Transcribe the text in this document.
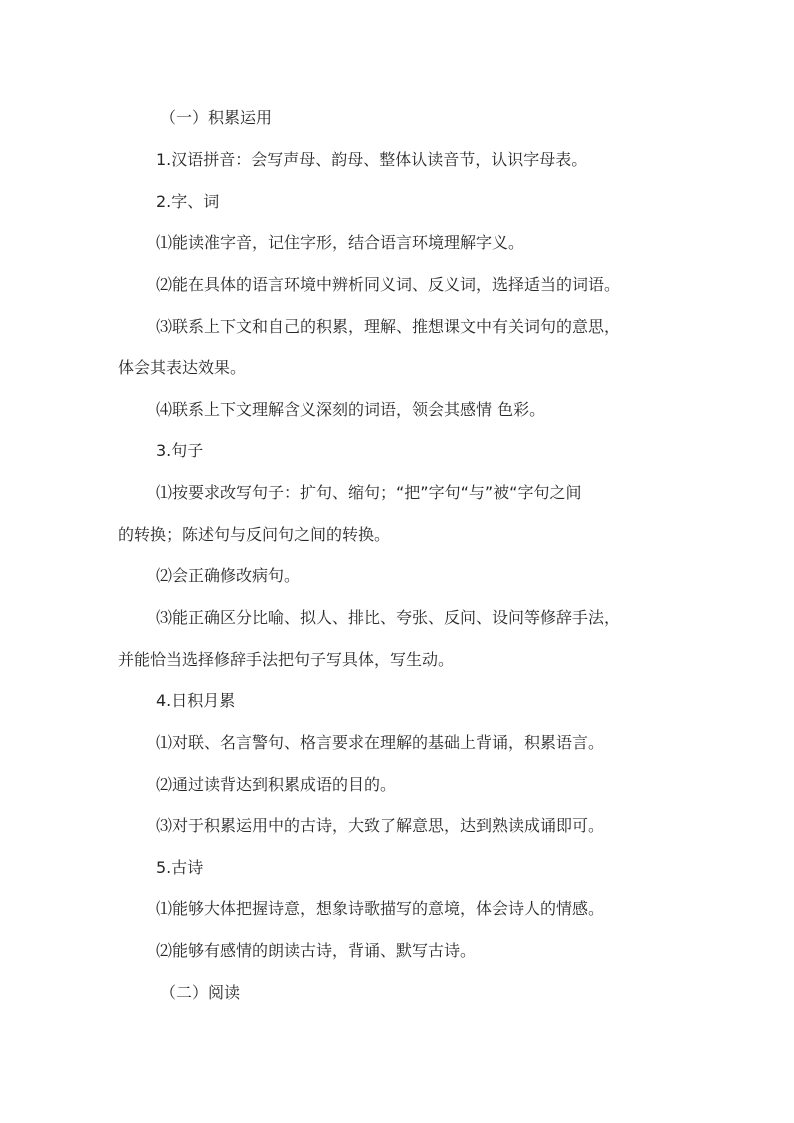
（一）积累运用
1.汉语拼音：会写声母、韵母、整体认读音节，认识字母表。
2.字、词
⑴能读准字音，记住字形，结合语言环境理解字义。
⑵能在具体的语言环境中辨析同义词、反义词，选择适当的词语。
⑶联系上下文和自己的积累，理解、推想课文中有关词句的意思，
体会其表达效果。
⑷联系上下文理解含义深刻的词语，领会其感情 色彩。
3.句子
⑴按要求改写句子：扩句、缩句；“把”字句“与”被“字句之间
的转换；陈述句与反问句之间的转换。
⑵会正确修改病句。
⑶能正确区分比喻、拟人、排比、夸张、反问、设问等修辞手法，
并能恰当选择修辞手法把句子写具体，写生动。
4.日积月累
⑴对联、名言警句、格言要求在理解的基础上背诵，积累语言。
⑵通过读背达到积累成语的目的。
⑶对于积累运用中的古诗，大致了解意思，达到熟读成诵即可。
5.古诗
⑴能够大体把握诗意，想象诗歌描写的意境，体会诗人的情感。
⑵能够有感情的朗读古诗，背诵、默写古诗。
（二）阅读
